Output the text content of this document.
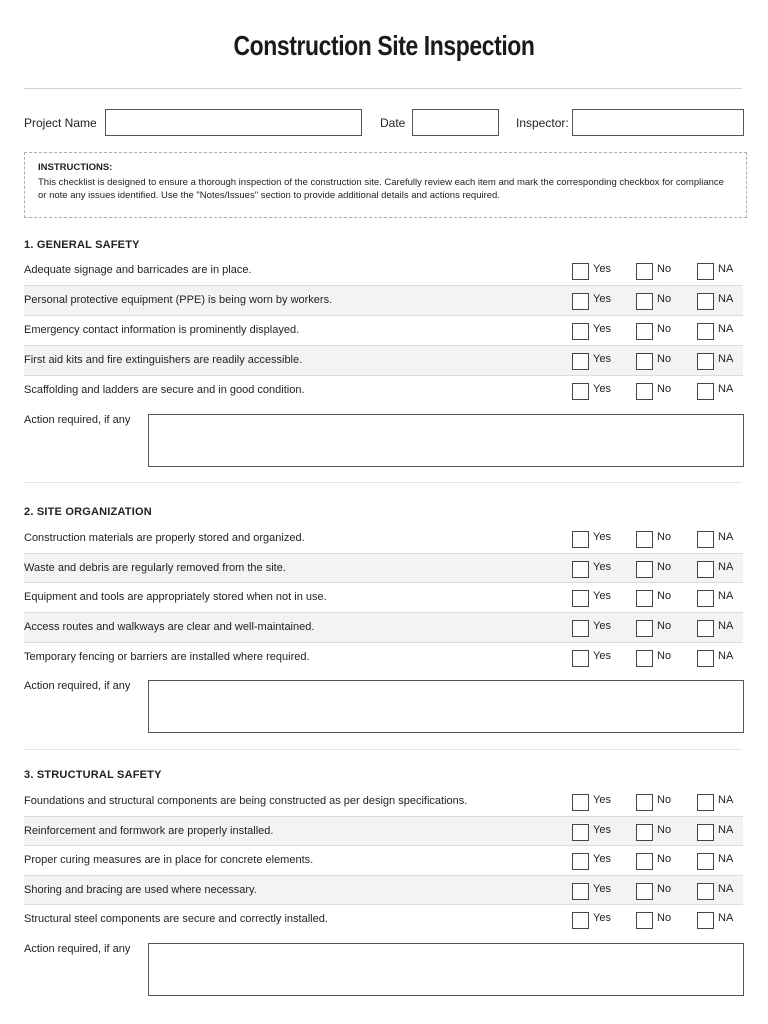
Construction Site Inspection
Project Name	Date	Inspector:
INSTRUCTIONS:
This checklist is designed to ensure a thorough inspection of the construction site. Carefully review each item and mark the corresponding checkbox for compliance or note any issues identified. Use the "Notes/Issues" section to provide additional details and actions required.
1. GENERAL SAFETY
Adequate signage and barricades are in place.	Yes	No	NA
Personal protective equipment (PPE) is being worn by workers.	Yes	No	NA
Emergency contact information is prominently displayed.	Yes	No	NA
First aid kits and fire extinguishers are readily accessible.	Yes	No	NA
Scaffolding and ladders are secure and in good condition.	Yes	No	NA
Action required, if any
2. SITE ORGANIZATION
Construction materials are properly stored and organized.	Yes	No	NA
Waste and debris are regularly removed from the site.	Yes	No	NA
Equipment and tools are appropriately stored when not in use.	Yes	No	NA
Access routes and walkways are clear and well-maintained.	Yes	No	NA
Temporary fencing or barriers are installed where required.	Yes	No	NA
Action required, if any
3. STRUCTURAL SAFETY
Foundations and structural components are being constructed as per design specifications.	Yes	No	NA
Reinforcement and formwork are properly installed.	Yes	No	NA
Proper curing measures are in place for concrete elements.	Yes	No	NA
Shoring and bracing are used where necessary.	Yes	No	NA
Structural steel components are secure and correctly installed.	Yes	No	NA
Action required, if any
